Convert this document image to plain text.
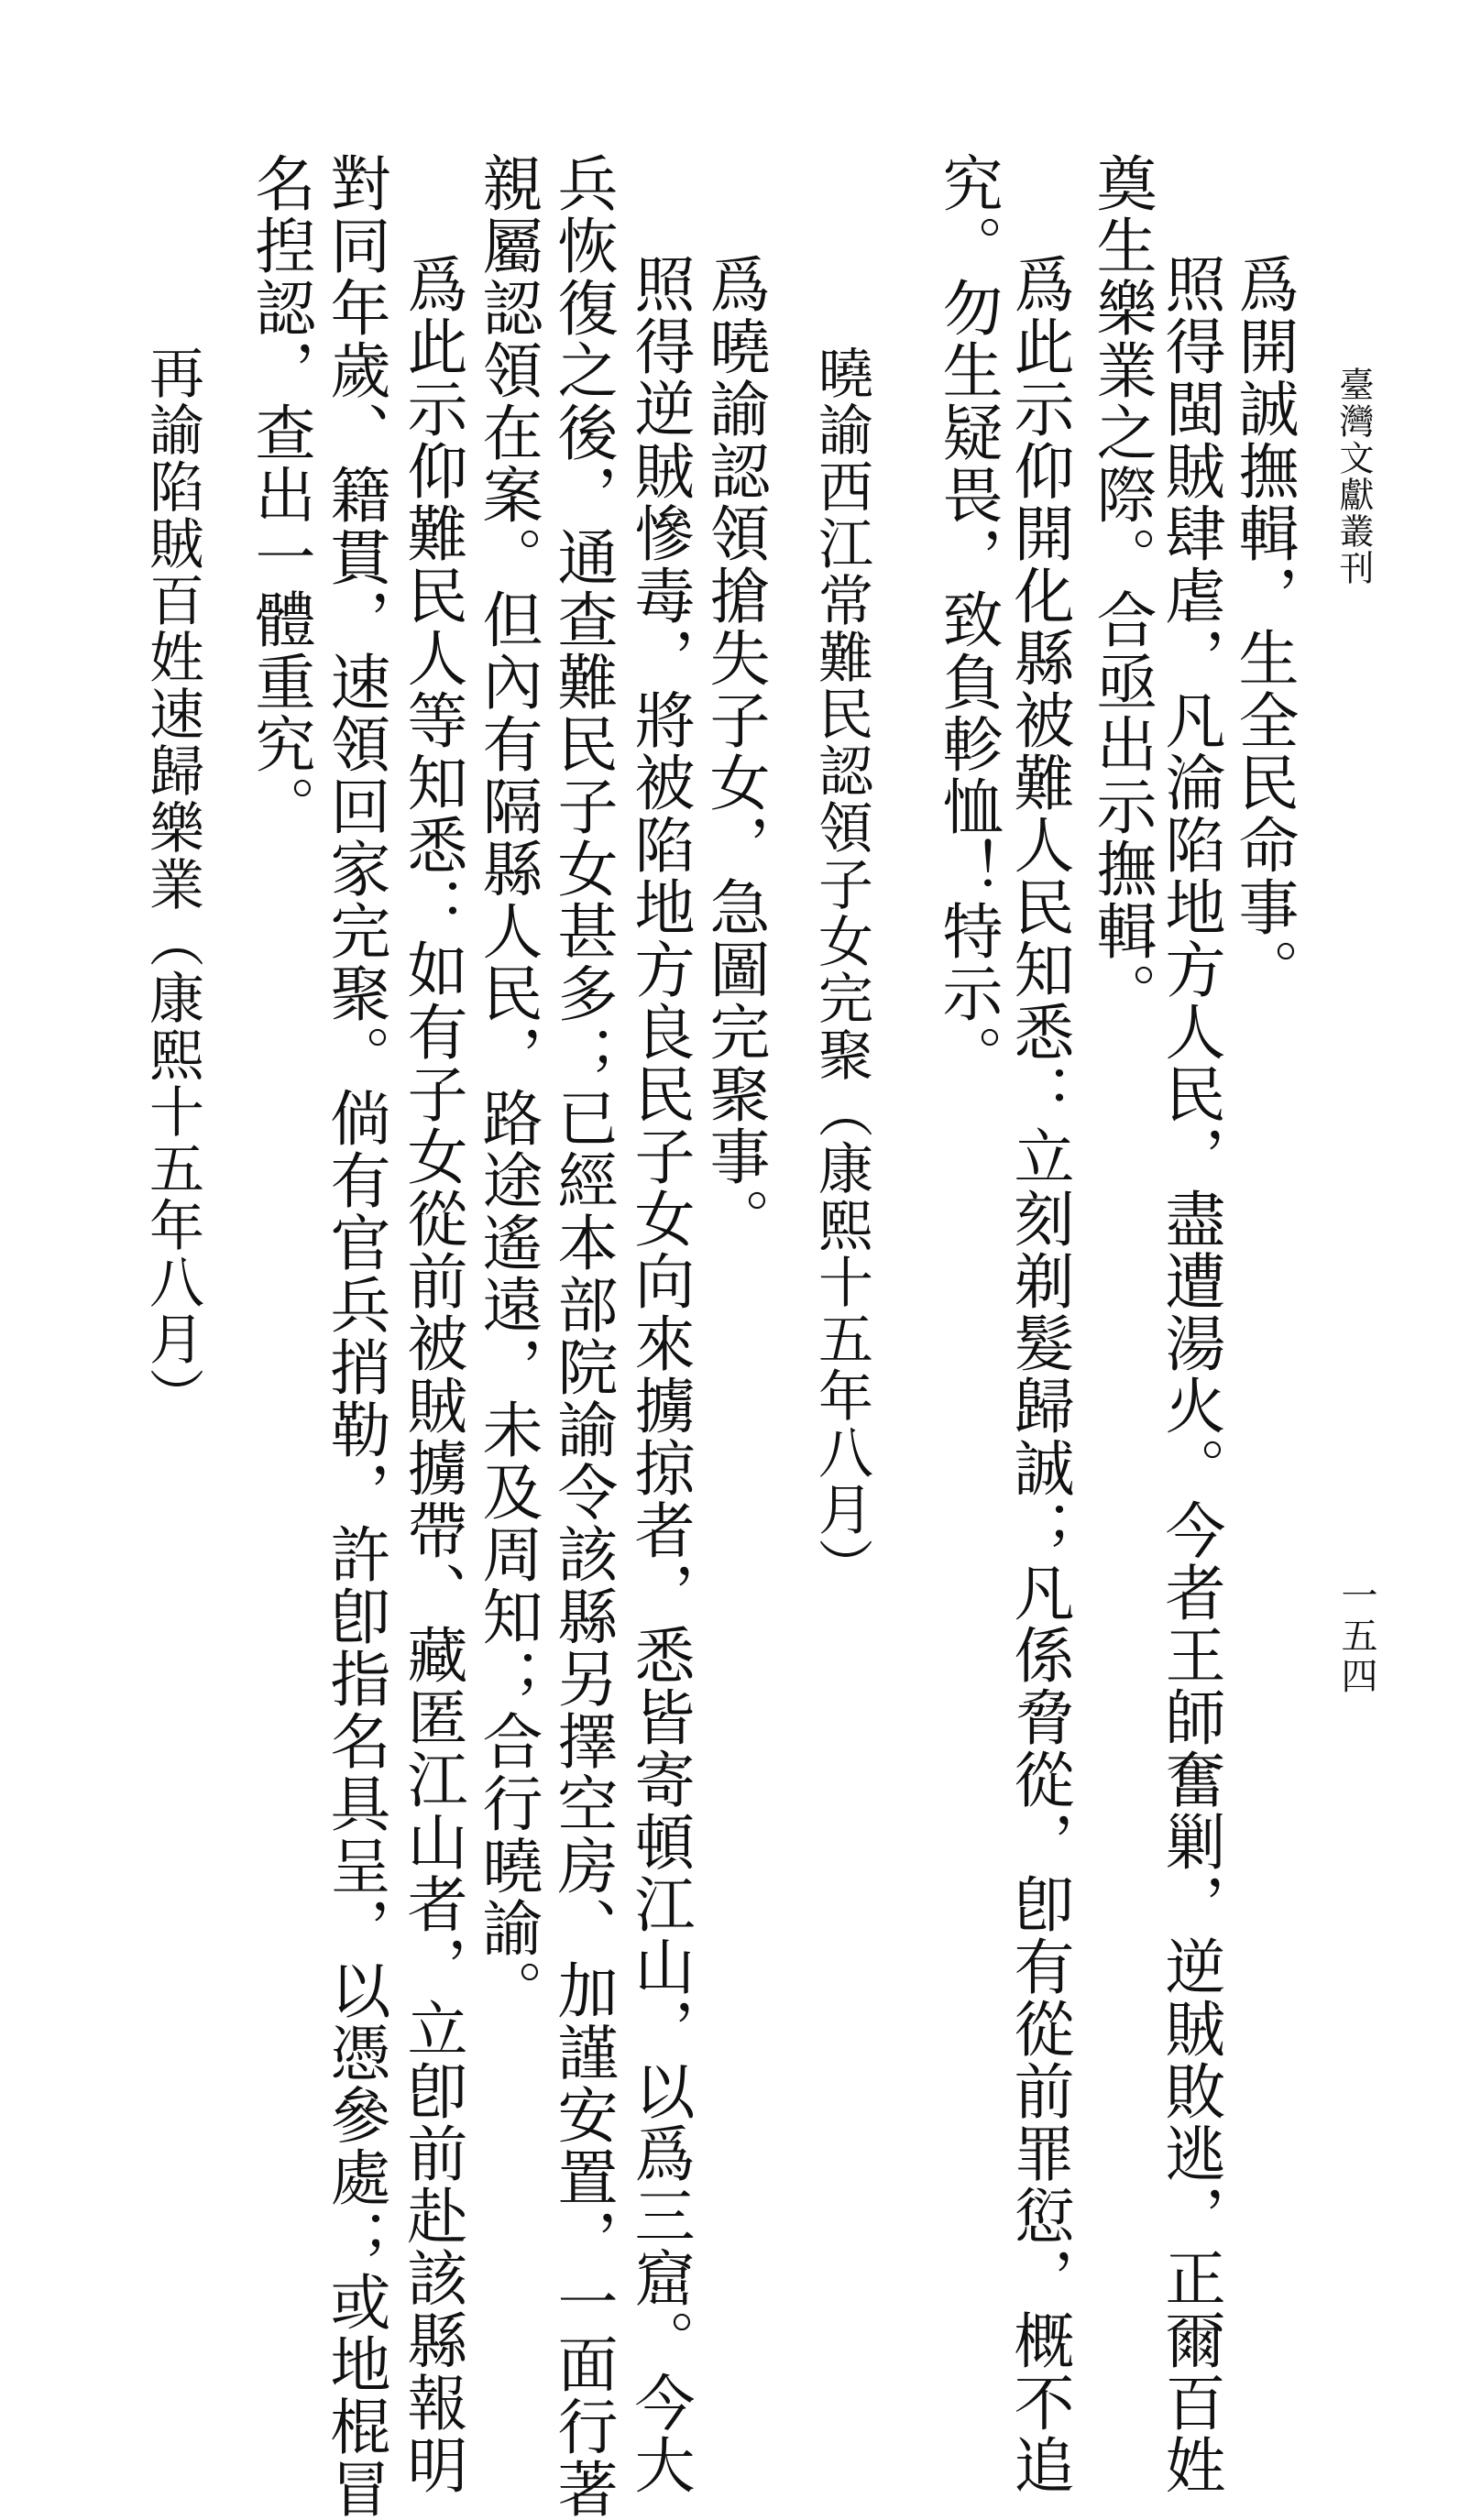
臺灣文獻叢刊
一五四

爲開誠撫輯，生全民命事。

照得閩賊肆虐，凡淪陷地方人民，盡遭湯火。今者王師奮剿，逆賊敗逃，正爾百姓

奠生樂業之際。合亟出示撫輯。

爲此示仰開化縣被難人民知悉：立刻剃髮歸誠；凡係脅從，卽有從前罪愆，概不追

究。勿生疑畏，致負軫恤！特示。

曉諭西江常難民認領子女完聚（康熙十五年八月）

爲曉諭認領搶失子女，急圖完聚事。

照得逆賊慘毒，將被陷地方良民子女向來擄掠者，悉皆寄頓江山，以爲三窟。今大

兵恢復之後，通查難民子女甚多；已經本部院諭令該縣另擇空房、加謹安置，一面行著

親屬認領在案。但內有隔縣人民，路途遙遠，未及周知；合行曉諭。

爲此示仰難民人等知悉：如有子女從前被賊擄帶、藏匿江山者，立卽前赴該縣報明

對同年歲、籍貫，速領回家完聚。倘有官兵捎勒，許卽指名具呈，以憑參處；或地棍冒

名揑認，查出一體重究。

再諭陷賊百姓速歸樂業（康熙十五年八月）
